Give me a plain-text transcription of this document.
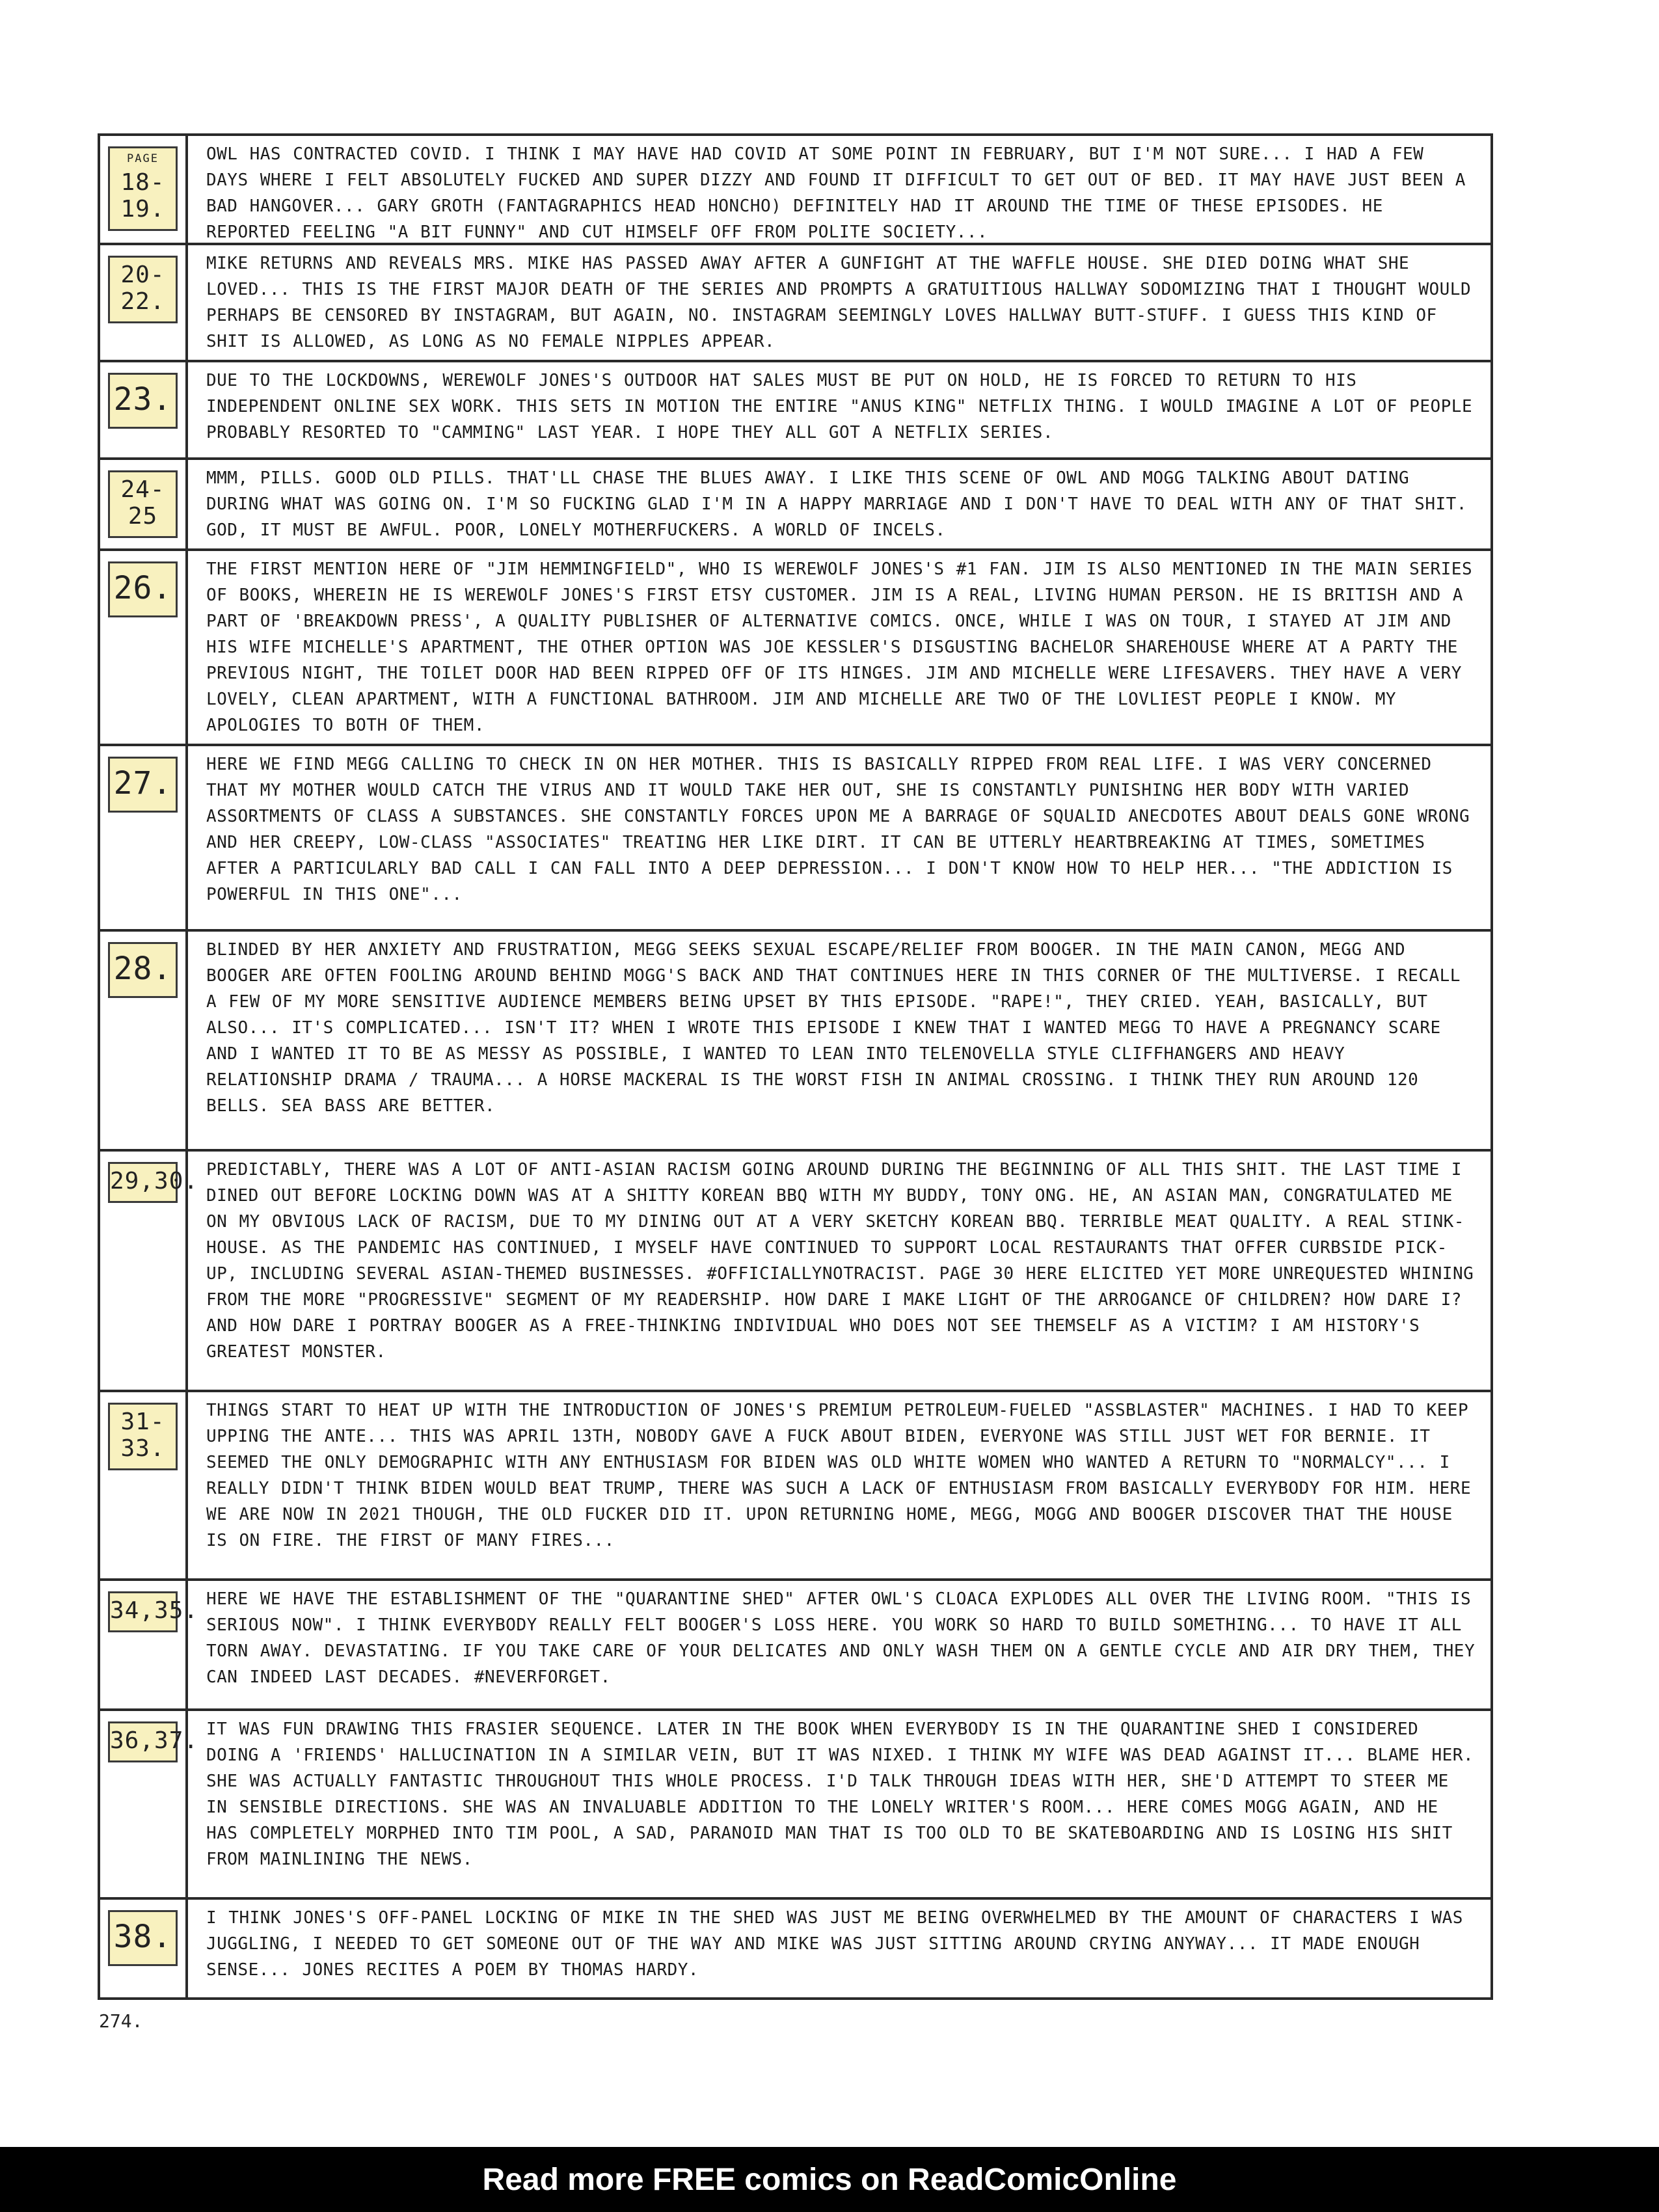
PAGE
18-19.

OWL HAS CONTRACTED COVID. I THINK I MAY HAVE HAD COVID AT SOME POINT IN FEBRUARY, BUT I'M NOT SURE... I HAD A FEW DAYS WHERE I FELT ABSOLUTELY FUCKED AND SUPER DIZZY AND FOUND IT DIFFICULT TO GET OUT OF BED. IT MAY HAVE JUST BEEN A BAD HANGOVER... GARY GROTH (FANTAGRAPHICS HEAD HONCHO) DEFINITELY HAD IT AROUND THE TIME OF THESE EPISODES. HE REPORTED FEELING "A BIT FUNNY" AND CUT HIMSELF OFF FROM POLITE SOCIETY...

20-22.

MIKE RETURNS AND REVEALS MRS. MIKE HAS PASSED AWAY AFTER A GUNFIGHT AT THE WAFFLE HOUSE. SHE DIED DOING WHAT SHE LOVED... THIS IS THE FIRST MAJOR DEATH OF THE SERIES AND PROMPTS A GRATUITIOUS HALLWAY SODOMIZING THAT I THOUGHT WOULD PERHAPS BE CENSORED BY INSTAGRAM, BUT AGAIN, NO. INSTAGRAM SEEMINGLY LOVES HALLWAY BUTT-STUFF. I GUESS THIS KIND OF SHIT IS ALLOWED, AS LONG AS NO FEMALE NIPPLES APPEAR.

23.

DUE TO THE LOCKDOWNS, WEREWOLF JONES'S OUTDOOR HAT SALES MUST BE PUT ON HOLD, HE IS FORCED TO RETURN TO HIS INDEPENDENT ONLINE SEX WORK. THIS SETS IN MOTION THE ENTIRE "ANUS KING" NETFLIX THING. I WOULD IMAGINE A LOT OF PEOPLE PROBABLY RESORTED TO "CAMMING" LAST YEAR. I HOPE THEY ALL GOT A NETFLIX SERIES.

24-25

MMM, PILLS. GOOD OLD PILLS. THAT'LL CHASE THE BLUES AWAY. I LIKE THIS SCENE OF OWL AND MOGG TALKING ABOUT DATING DURING WHAT WAS GOING ON. I'M SO FUCKING GLAD I'M IN A HAPPY MARRIAGE AND I DON'T HAVE TO DEAL WITH ANY OF THAT SHIT. GOD, IT MUST BE AWFUL. POOR, LONELY MOTHERFUCKERS. A WORLD OF INCELS.

26.

THE FIRST MENTION HERE OF "JIM HEMMINGFIELD", WHO IS WEREWOLF JONES'S #1 FAN. JIM IS ALSO MENTIONED IN THE MAIN SERIES OF BOOKS, WHEREIN HE IS WEREWOLF JONES'S FIRST ETSY CUSTOMER. JIM IS A REAL, LIVING HUMAN PERSON. HE IS BRITISH AND A PART OF 'BREAKDOWN PRESS', A QUALITY PUBLISHER OF ALTERNATIVE COMICS. ONCE, WHILE I WAS ON TOUR, I STAYED AT JIM AND HIS WIFE MICHELLE'S APARTMENT, THE OTHER OPTION WAS JOE KESSLER'S DISGUSTING BACHELOR SHAREHOUSE WHERE AT A PARTY THE PREVIOUS NIGHT, THE TOILET DOOR HAD BEEN RIPPED OFF OF ITS HINGES. JIM AND MICHELLE WERE LIFESAVERS. THEY HAVE A VERY LOVELY, CLEAN APARTMENT, WITH A FUNCTIONAL BATHROOM. JIM AND MICHELLE ARE TWO OF THE LOVLIEST PEOPLE I KNOW. MY APOLOGIES TO BOTH OF THEM.

27.

HERE WE FIND MEGG CALLING TO CHECK IN ON HER MOTHER. THIS IS BASICALLY RIPPED FROM REAL LIFE. I WAS VERY CONCERNED THAT MY MOTHER WOULD CATCH THE VIRUS AND IT WOULD TAKE HER OUT, SHE IS CONSTANTLY PUNISHING HER BODY WITH VARIED ASSORTMENTS OF CLASS A SUBSTANCES. SHE CONSTANTLY FORCES UPON ME A BARRAGE OF SQUALID ANECDOTES ABOUT DEALS GONE WRONG AND HER CREEPY, LOW-CLASS "ASSOCIATES" TREATING HER LIKE DIRT. IT CAN BE UTTERLY HEARTBREAKING AT TIMES, SOMETIMES AFTER A PARTICULARLY BAD CALL I CAN FALL INTO A DEEP DEPRESSION... I DON'T KNOW HOW TO HELP HER... "THE ADDICTION IS POWERFUL IN THIS ONE"...

28.

BLINDED BY HER ANXIETY AND FRUSTRATION, MEGG SEEKS SEXUAL ESCAPE/RELIEF FROM BOOGER. IN THE MAIN CANON, MEGG AND BOOGER ARE OFTEN FOOLING AROUND BEHIND MOGG'S BACK AND THAT CONTINUES HERE IN THIS CORNER OF THE MULTIVERSE. I RECALL A FEW OF MY MORE SENSITIVE AUDIENCE MEMBERS BEING UPSET BY THIS EPISODE. "RAPE!", THEY CRIED. YEAH, BASICALLY, BUT ALSO... IT'S COMPLICATED... ISN'T IT? WHEN I WROTE THIS EPISODE I KNEW THAT I WANTED MEGG TO HAVE A PREGNANCY SCARE AND I WANTED IT TO BE AS MESSY AS POSSIBLE, I WANTED TO LEAN INTO TELENOVELLA STYLE CLIFFHANGERS AND HEAVY RELATIONSHIP DRAMA / TRAUMA... A HORSE MACKERAL IS THE WORST FISH IN ANIMAL CROSSING. I THINK THEY RUN AROUND 120 BELLS. SEA BASS ARE BETTER.

29,30. PREDICTABLY, THERE WAS A LOT OF ANTI-ASIAN RACISM GOING AROUND DURING THE BEGINNING OF ALL THIS SHIT. THE LAST TIME I DINED OUT BEFORE LOCKING DOWN WAS AT A SHITTY KOREAN BBQ WITH MY BUDDY, TONY ONG. HE, AN ASIAN MAN, CONGRATULATED ME ON MY OBVIOUS LACK OF RACISM, DUE TO MY DINING OUT AT A VERY SKETCHY KOREAN BBQ. TERRIBLE MEAT QUALITY. A REAL STINK-HOUSE. AS THE PANDEMIC HAS CONTINUED, I MYSELF HAVE CONTINUED TO SUPPORT LOCAL RESTAURANTS THAT OFFER CURBSIDE PICK-UP, INCLUDING SEVERAL ASIAN-THEMED BUSINESSES. #OFFICIALLYNOTRACIST. PAGE 30 HERE ELICITED YET MORE UNREQUESTED WHINING FROM THE MORE "PROGRESSIVE" SEGMENT OF MY READERSHIP. HOW DARE I MAKE LIGHT OF THE ARROGANCE OF CHILDREN? HOW DARE I? AND HOW DARE I PORTRAY BOOGER AS A FREE-THINKING INDIVIDUAL WHO DOES NOT SEE THEMSELF AS A VICTIM? I AM HISTORY'S GREATEST MONSTER.

31-33.

THINGS START TO HEAT UP WITH THE INTRODUCTION OF JONES'S PREMIUM PETROLEUM-FUELED "ASSBLASTER" MACHINES. I HAD TO KEEP UPPING THE ANTE... THIS WAS APRIL 13TH, NOBODY GAVE A FUCK ABOUT BIDEN, EVERYONE WAS STILL JUST WET FOR BERNIE. IT SEEMED THE ONLY DEMOGRAPHIC WITH ANY ENTHUSIASM FOR BIDEN WAS OLD WHITE WOMEN WHO WANTED A RETURN TO "NORMALCY"... I REALLY DIDN'T THINK BIDEN WOULD BEAT TRUMP, THERE WAS SUCH A LACK OF ENTHUSIASM FROM BASICALLY EVERYBODY FOR HIM. HERE WE ARE NOW IN 2021 THOUGH, THE OLD FUCKER DID IT. UPON RETURNING HOME, MEGG, MOGG AND BOOGER DISCOVER THAT THE HOUSE IS ON FIRE. THE FIRST OF MANY FIRES...

34,35. HERE WE HAVE THE ESTABLISHMENT OF THE "QUARANTINE SHED" AFTER OWL'S CLOACA EXPLODES ALL OVER THE LIVING ROOM. "THIS IS SERIOUS NOW". I THINK EVERYBODY REALLY FELT BOOGER'S LOSS HERE. YOU WORK SO HARD TO BUILD SOMETHING... TO HAVE IT ALL TORN AWAY. DEVASTATING. IF YOU TAKE CARE OF YOUR DELICATES AND ONLY WASH THEM ON A GENTLE CYCLE AND AIR DRY THEM, THEY CAN INDEED LAST DECADES. #NEVERFORGET.

36,37. IT WAS FUN DRAWING THIS FRASIER SEQUENCE. LATER IN THE BOOK WHEN EVERYBODY IS IN THE QUARANTINE SHED I CONSIDERED DOING A 'FRIENDS' HALLUCINATION IN A SIMILAR VEIN, BUT IT WAS NIXED. I THINK MY WIFE WAS DEAD AGAINST IT... BLAME HER. SHE WAS ACTUALLY FANTASTIC THROUGHOUT THIS WHOLE PROCESS. I'D TALK THROUGH IDEAS WITH HER, SHE'D ATTEMPT TO STEER ME IN SENSIBLE DIRECTIONS. SHE WAS AN INVALUABLE ADDITION TO THE LONELY WRITER'S ROOM... HERE COMES MOGG AGAIN, AND HE HAS COMPLETELY MORPHED INTO TIM POOL, A SAD, PARANOID MAN THAT IS TOO OLD TO BE SKATEBOARDING AND IS LOSING HIS SHIT FROM MAINLINING THE NEWS.

38.

I THINK JONES'S OFF-PANEL LOCKING OF MIKE IN THE SHED WAS JUST ME BEING OVERWHELMED BY THE AMOUNT OF CHARACTERS I WAS JUGGLING, I NEEDED TO GET SOMEONE OUT OF THE WAY AND MIKE WAS JUST SITTING AROUND CRYING ANYWAY... IT MADE ENOUGH SENSE... JONES RECITES A POEM BY THOMAS HARDY.

274.
Read more FREE comics on ReadComicOnline
